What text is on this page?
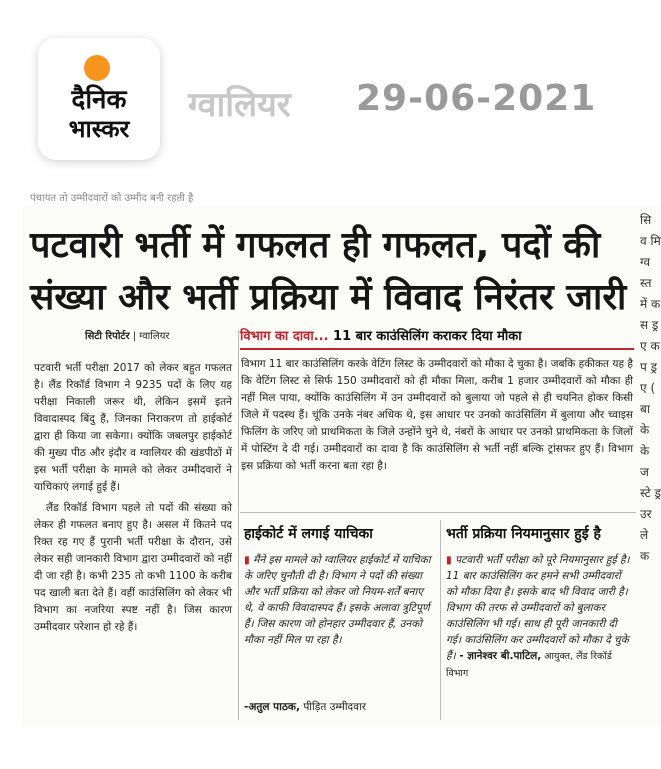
दैनिक
भास्कर
ग्वालियर 29-06-2021
पंचायत तो उम्मीदवारों को उम्मीद बनी रहती है
पटवारी भर्ती में गफलत ही गफलत, पदों की संख्या और भर्ती प्रक्रिया में विवाद निरंतर जारी
सि व मि ग्व स्त में क स ड्र ए क प ड्र ए ( बा के के ज स्टे ड्र उर ले क
सिटी रिपोर्टर | ग्वालियर

पटवारी भर्ती परीक्षा 2017 को लेकर बहुत गफलत है। लैंड रिकॉर्ड विभाग ने 9235 पदों के लिए यह परीक्षा निकाली जरूर थी, लेकिन इसमें इतने विवादास्पद बिंदु हैं, जिनका निराकरण तो हाईकोर्ट द्वारा ही किया जा सकेगा। क्योंकि जबलपुर हाईकोर्ट की मुख्य पीठ और इंदौर व ग्वालियर की खंडपीठों में इस भर्ती परीक्षा के मामले को लेकर उम्मीदवारों ने याचिकाएं लगाई हुई हैं।

लैंड रिकॉर्ड विभाग पहले तो पदों की संख्या को लेकर ही गफलत बनाए हुए है। असल में कितने पद रिक्त रह गए हैं पुरानी भर्ती परीक्षा के दौरान, उसे लेकर सही जानकारी विभाग द्वारा उम्मीदवारों को नहीं दी जा रही है। कभी 235 तो कभी 1100 के करीब पद खाली बता देते हैं। वहीं काउंसिलिंग को लेकर भी विभाग का नजरिया स्पष्ट नहीं है। जिस कारण उम्मीदवार परेशान हो रहे हैं।

विभाग का दावा... 11 बार काउंसिलिंग कराकर दिया मौका

विभाग 11 बार काउंसिलिंग करके वेटिंग लिस्ट के उम्मीदवारों को मौका दे चुका है। जबकि हकीकत यह है कि वेटिंग लिस्ट से सिर्फ 150 उम्मीदवारों को ही मौका मिला, करीब 1 हजार उम्मीदवारों को मौका ही नहीं मिल पाया, क्योंकि काउंसिलिंग में उन उम्मीदवारों को बुलाया जो पहले से ही चयनित होकर किसी जिले में पदस्थ हैं। चूंकि उनके नंबर अधिक थे, इस आधार पर उनको काउंसिलिंग में बुलाया और च्वाइस फिलिंग के जरिए जो प्राथमिकता के जिले उन्होंने चुने थे, नंबरों के आधार पर उनको प्राथमिकता के जिलों में पोस्टिंग दे दी गई। उम्मीदवारों का दावा है कि काउंसिलिंग से भर्ती नहीं बल्कि ट्रांसफर हुए हैं। विभाग इस प्रक्रिया को भर्ती करना बता रहा है।

हाईकोर्ट में लगाई याचिका

▮ मैंने इस मामले को ग्वालियर हाईकोर्ट में याचिका के जरिए चुनौती दी है। विभाग ने पदों की संख्या और भर्ती प्रक्रिया को लेकर जो नियम-शर्तें बनाए थे, वे काफी विवादास्पद हैं। इसके अलावा त्रुटिपूर्ण हैं। जिस कारण जो होनहार उम्मीदवार हैं, उनको मौका नहीं मिल पा रहा है।

-अतुल पाठक, पीड़ित उम्मीदवार
भर्ती प्रक्रिया नियमानुसार हुई है

▮ पटवारी भर्ती परीक्षा को पूरे नियमानुसार हुई है। 11 बार काउंसिलिंग कर हमने सभी उम्मीदवारों को मौका दिया है। इसके बाद भी विवाद जारी है। विभाग की तरफ से उम्मीदवारों को बुलाकर काउंसिलिंग भी गई। साथ ही पूरी जानकारी दी गई। काउंसिलिंग कर उम्मीदवारों को मौका दे चुके हैं। - ज्ञानेश्वर बी.पाटिल, आयुक्त, लैंड रिकॉर्ड विभाग
